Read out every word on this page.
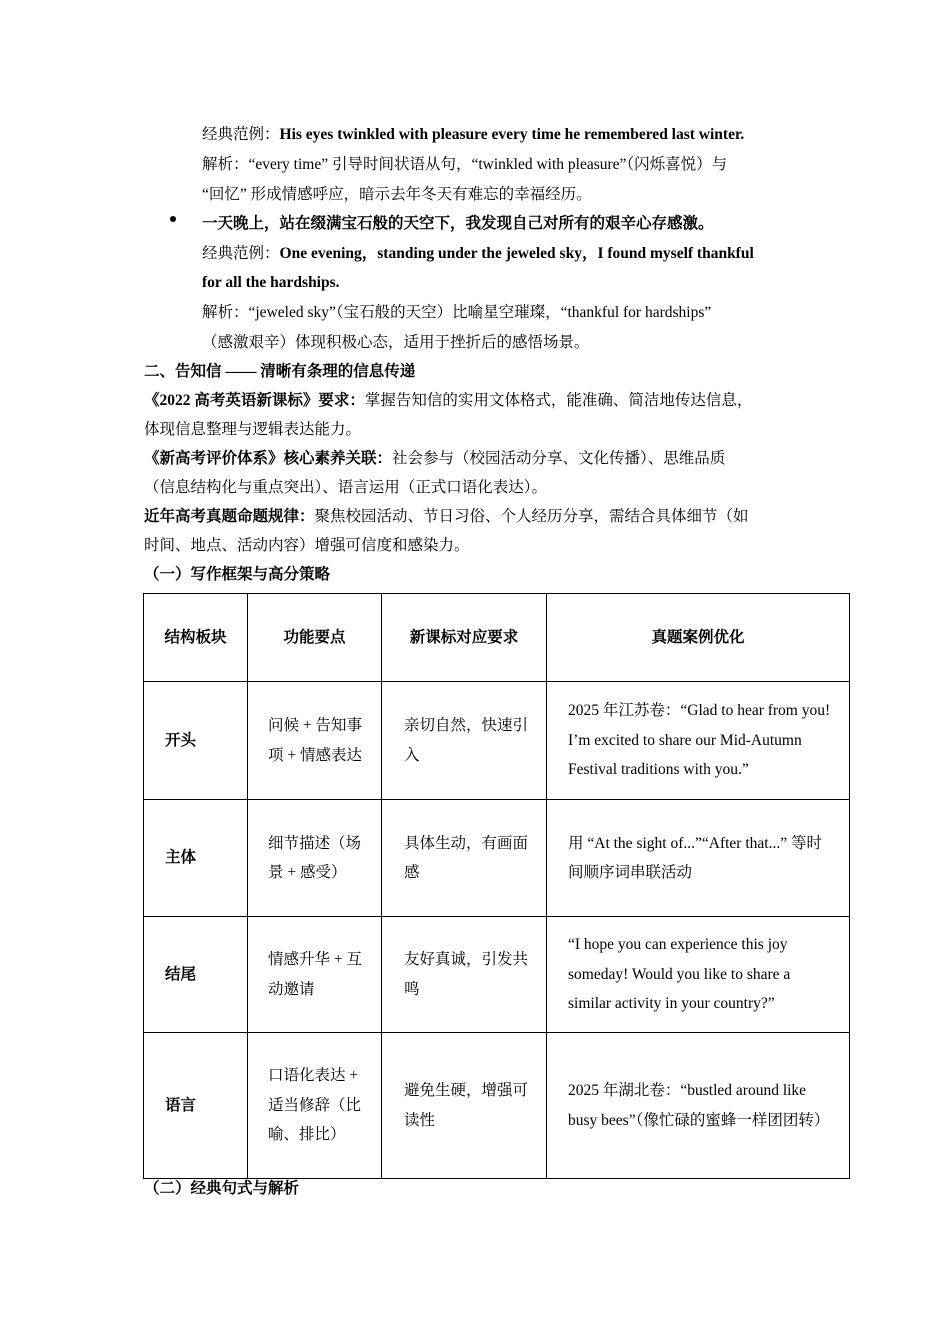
经典范例：His eyes twinkled with pleasure every time he remembered last winter.
解析：“every time” 引导时间状语从句，“twinkled with pleasure”（闪烁喜悦）与
“回忆” 形成情感呼应，暗示去年冬天有难忘的幸福经历。
一天晚上，站在缀满宝石般的天空下，我发现自己对所有的艰辛心存感激。
经典范例：One evening，standing under the jeweled sky，I found myself thankful
for all the hardships.
解析：“jeweled sky”（宝石般的天空）比喻星空璀璨，“thankful for hardships”
（感激艰辛）体现积极心态，适用于挫折后的感悟场景。
二、告知信 —— 清晰有条理的信息传递
《2022 高考英语新课标》要求：掌握告知信的实用文体格式，能准确、简洁地传达信息，
体现信息整理与逻辑表达能力。
《新高考评价体系》核心素养关联：社会参与（校园活动分享、文化传播）、思维品质
（信息结构化与重点突出）、语言运用（正式口语化表达）。
近年高考真题命题规律：聚焦校园活动、节日习俗、个人经历分享，需结合具体细节（如
时间、地点、活动内容）增强可信度和感染力。
（一）写作框架与高分策略
结构板块	功能要点	新课标对应要求	真题案例优化
开头	问候 + 告知事项 + 情感表达	亲切自然，快速引入	2025 年江苏卷：“Glad to hear from you! I’m excited to share our Mid-Autumn Festival traditions with you.”
主体	细节描述（场景 + 感受）	具体生动，有画面感	用 “At the sight of...”“After that...” 等时间顺序词串联活动
结尾	情感升华 + 互动邀请	友好真诚，引发共鸣	“I hope you can experience this joy someday! Would you like to share a similar activity in your country?”
语言	口语化表达 + 适当修辞（比喻、排比）	避免生硬，增强可读性	2025 年湖北卷：“bustled around like busy bees”（像忙碌的蜜蜂一样团团转）
（二）经典句式与解析
